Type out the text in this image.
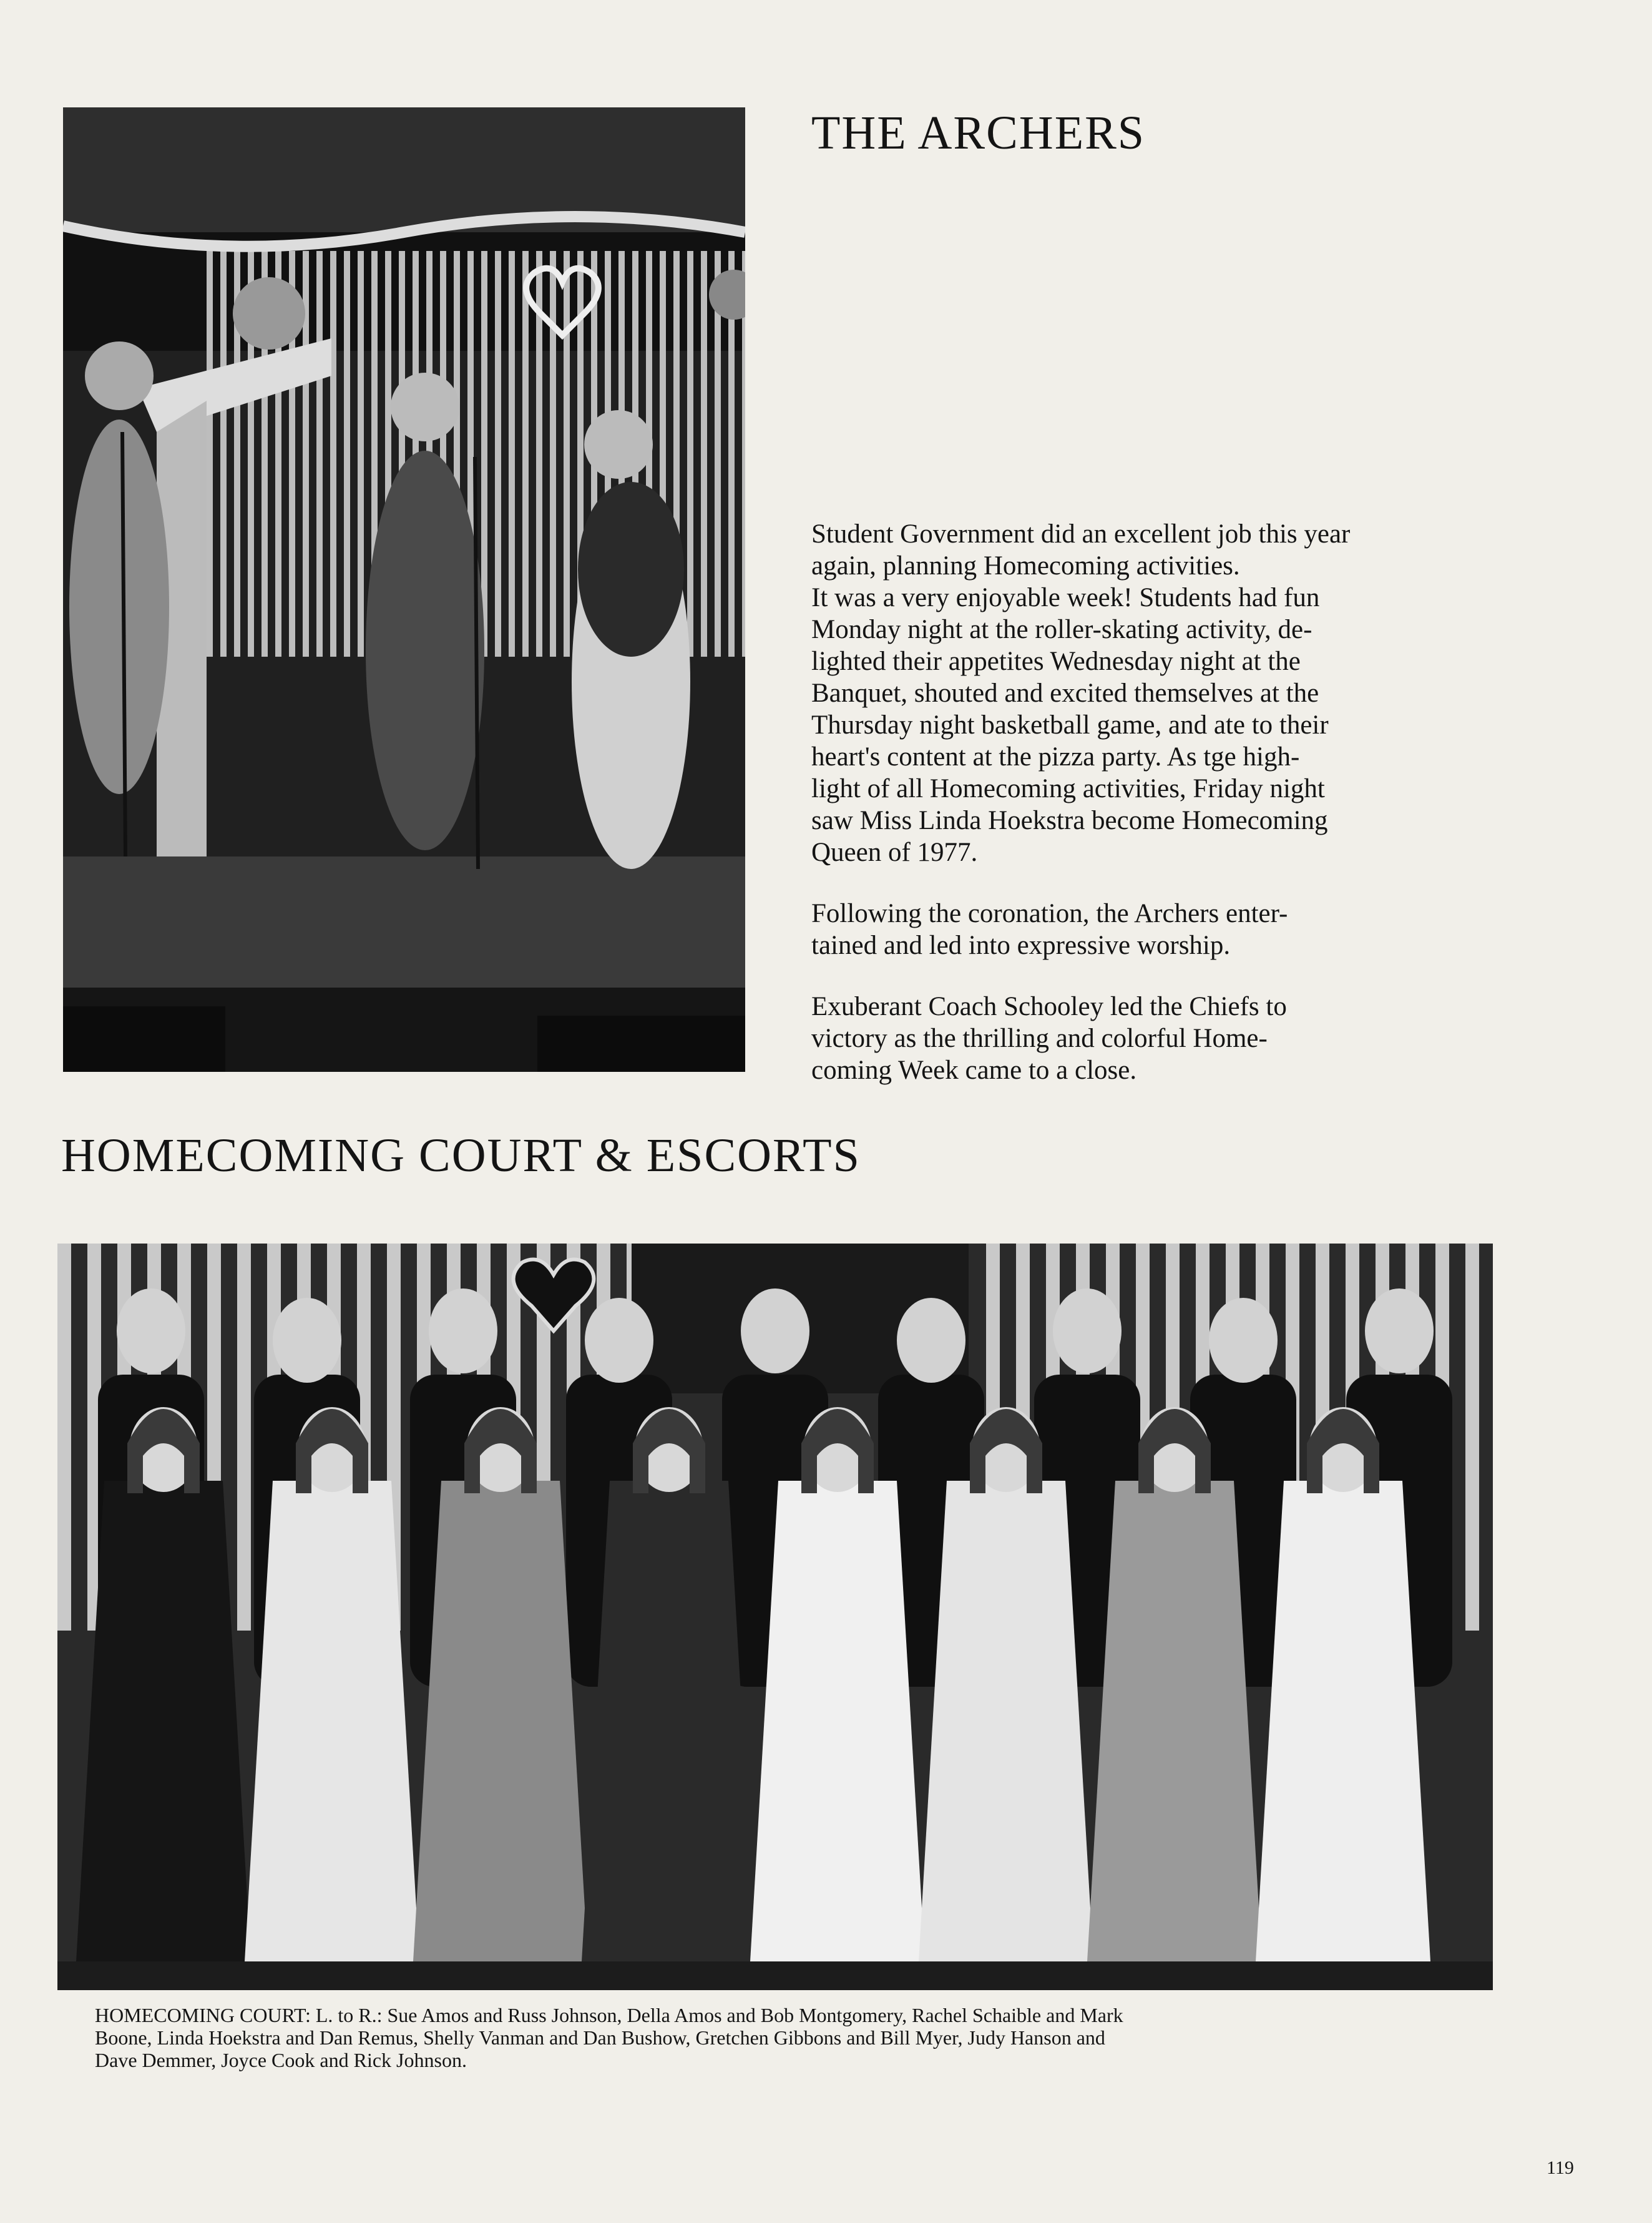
THE ARCHERS

Student Government did an excellent job this year
again, planning Homecoming activities.
It was a very enjoyable week! Students had fun
Monday night at the roller-skating activity, de-
lighted their appetites Wednesday night at the
Banquet, shouted and excited themselves at the
Thursday night basketball game, and ate to their
heart's content at the pizza party. As tge high-
light of all Homecoming activities, Friday night
saw Miss Linda Hoekstra become Homecoming
Queen of 1977.

Following the coronation, the Archers enter-
tained and led into expressive worship.

Exuberant Coach Schooley led the Chiefs to
victory as the thrilling and colorful Home-
coming Week came to a close.

HOMECOMING COURT & ESCORTS

HOMECOMING COURT: L. to R.: Sue Amos and Russ Johnson, Della Amos and Bob Montgomery, Rachel Schaible and Mark
Boone, Linda Hoekstra and Dan Remus, Shelly Vanman and Dan Bushow, Gretchen Gibbons and Bill Myer, Judy Hanson and
Dave Demmer, Joyce Cook and Rick Johnson.

119
